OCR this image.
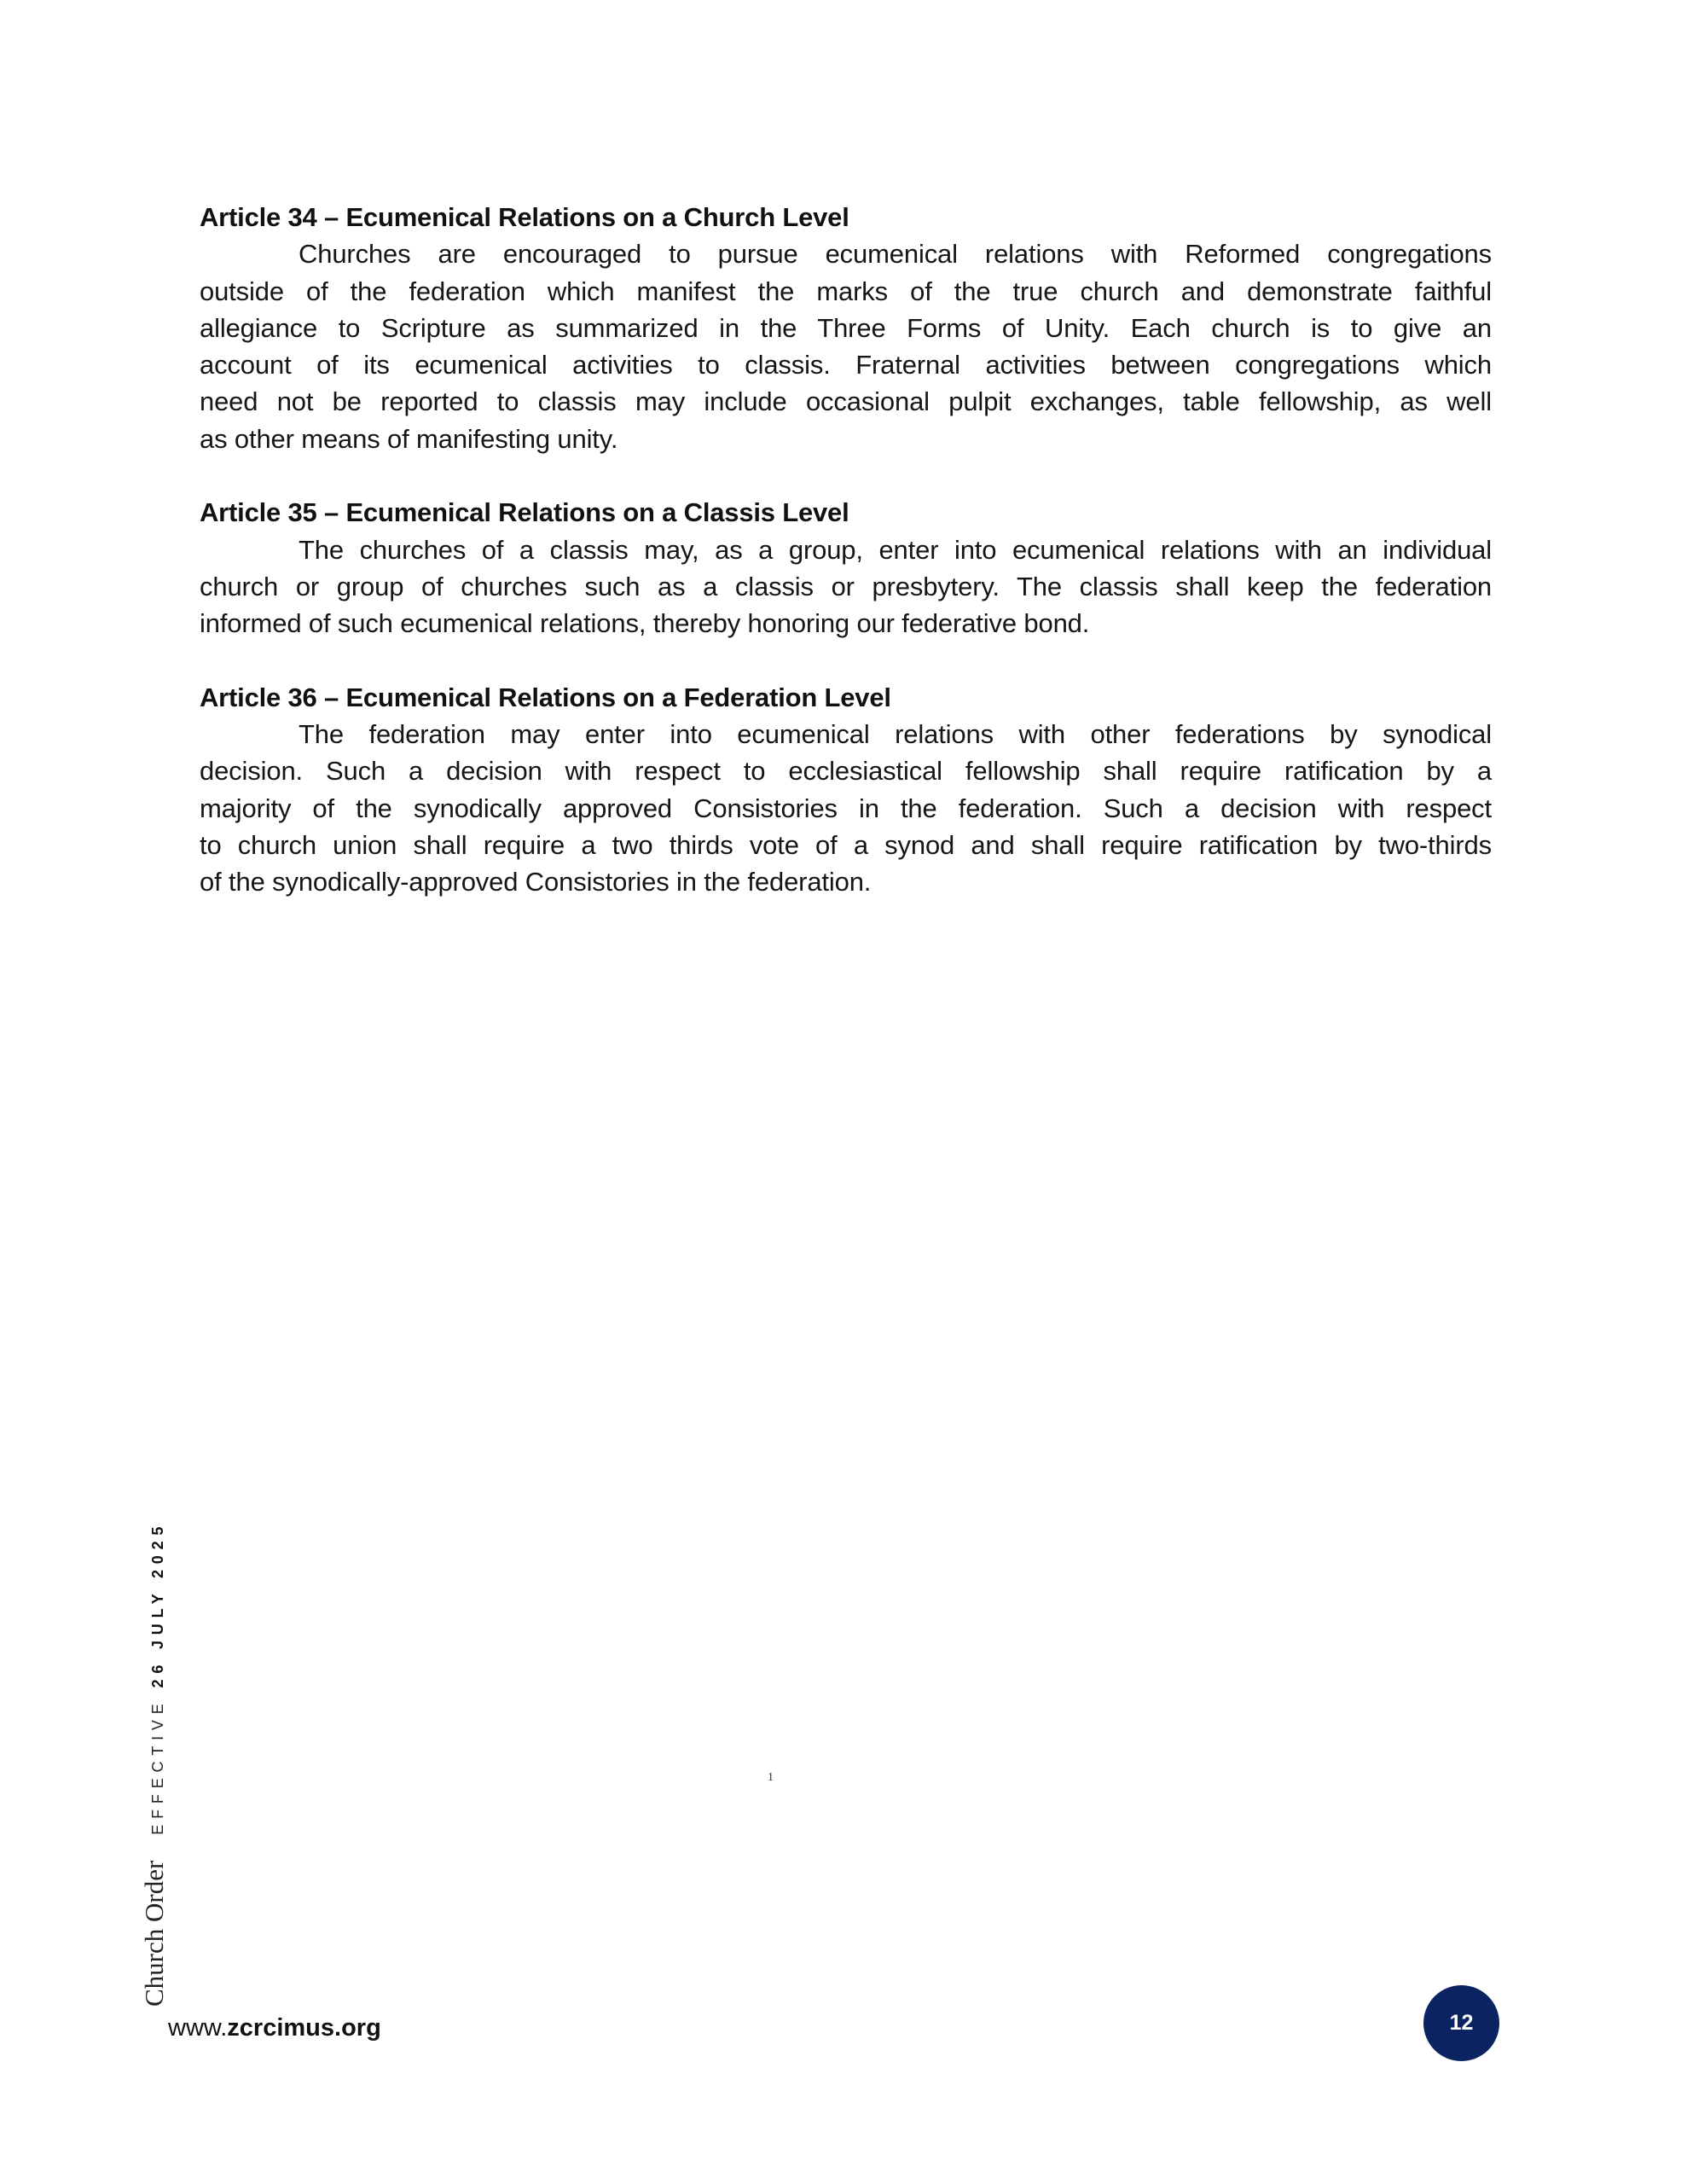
Article 34 – Ecumenical Relations on a Church Level
Churches are encouraged to pursue ecumenical relations with Reformed congregations
outside of the federation which manifest the marks of the true church and demonstrate faithful
allegiance to Scripture as summarized in the Three Forms of Unity. Each church is to give an
account of its ecumenical activities to classis. Fraternal activities between congregations which
need not be reported to classis may include occasional pulpit exchanges, table fellowship, as well
as other means of manifesting unity.
Article 35 – Ecumenical Relations on a Classis Level
The churches of a classis may, as a group, enter into ecumenical relations with an individual
church or group of churches such as a classis or presbytery. The classis shall keep the federation
informed of such ecumenical relations, thereby honoring our federative bond.
Article 36 – Ecumenical Relations on a Federation Level
The federation may enter into ecumenical relations with other federations by synodical
decision. Such a decision with respect to ecclesiastical fellowship shall require ratification by a
majority of the synodically approved Consistories in the federation. Such a decision with respect
to church union shall require a two thirds vote of a synod and shall require ratification by two-thirds
of the synodically-approved Consistories in the federation.
1
Church Order
EFFECTIVE
26 JULY 2025
www.zcrcimus.org	12
